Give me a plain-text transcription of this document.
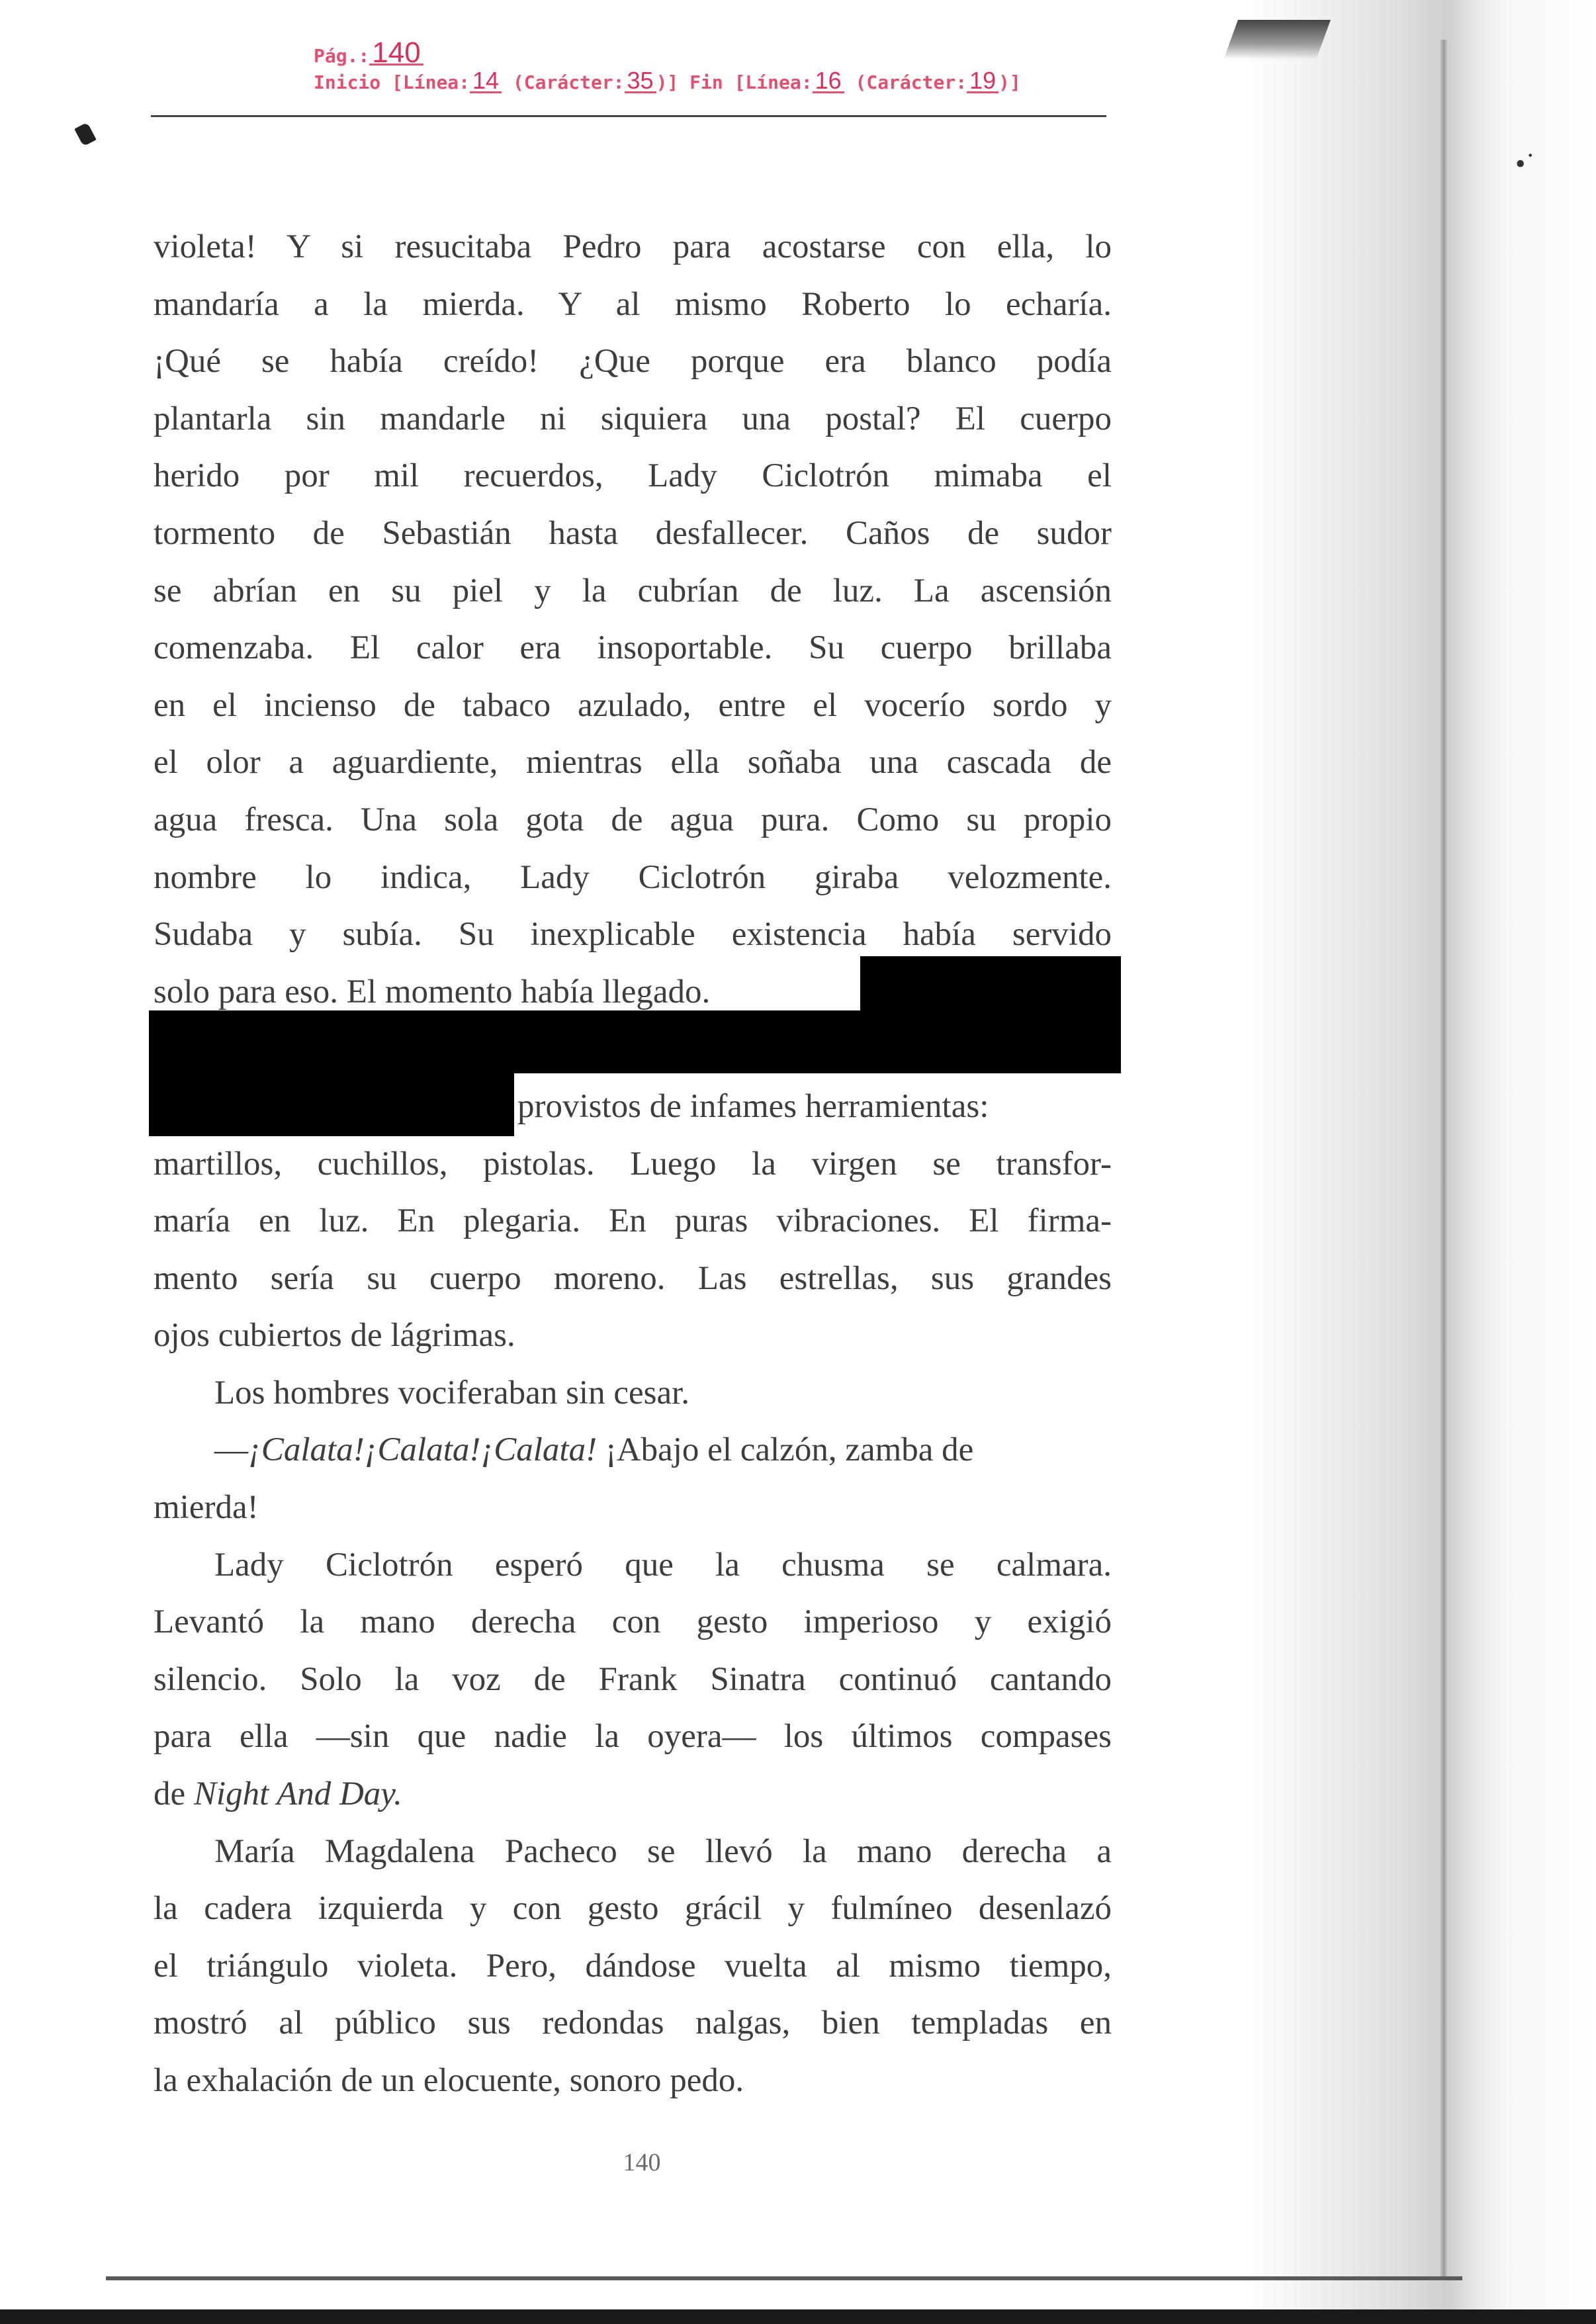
•˙
Pág.:140
Inicio [Línea: 14 (Carácter: 35 )] Fin [Línea: 16 (Carácter: 19 )]
violeta! Y si resucitaba Pedro para acostarse con ella, lo
mandaría a la mierda. Y al mismo Roberto lo echaría.
¡Qué se había creído! ¿Que porque era blanco podía
plantarla sin mandarle ni siquiera una postal? El cuerpo
herido por mil recuerdos, Lady Ciclotrón mimaba el
tormento de Sebastián hasta desfallecer. Caños de sudor
se abrían en su piel y la cubrían de luz. La ascensión
comenzaba. El calor era insoportable. Su cuerpo brillaba
en el incienso de tabaco azulado, entre el vocerío sordo y
el olor a aguardiente, mientras ella soñaba una cascada de
agua fresca. Una sola gota de agua pura. Como su propio
nombre lo indica, Lady Ciclotrón giraba velozmente.
Sudaba y subía. Su inexplicable existencia había servido
solo para eso. El momento había llegado.
provistos de infames herramientas:
martillos, cuchillos, pistolas. Luego la virgen se transfor-
maría en luz. En plegaria. En puras vibraciones. El firma-
mento sería su cuerpo moreno. Las estrellas, sus grandes
ojos cubiertos de lágrimas.
Los hombres vociferaban sin cesar.
—¡Calata!¡Calata!¡Calata! ¡Abajo el calzón, zamba de
mierda!
Lady Ciclotrón esperó que la chusma se calmara.
Levantó la mano derecha con gesto imperioso y exigió
silencio. Solo la voz de Frank Sinatra continuó cantando
para ella —sin que nadie la oyera— los últimos compases
de Night And Day.
María Magdalena Pacheco se llevó la mano derecha a
la cadera izquierda y con gesto grácil y fulmíneo desenlazó
el triángulo violeta. Pero, dándose vuelta al mismo tiempo,
mostró al público sus redondas nalgas, bien templadas en
la exhalación de un elocuente, sonoro pedo.
140
